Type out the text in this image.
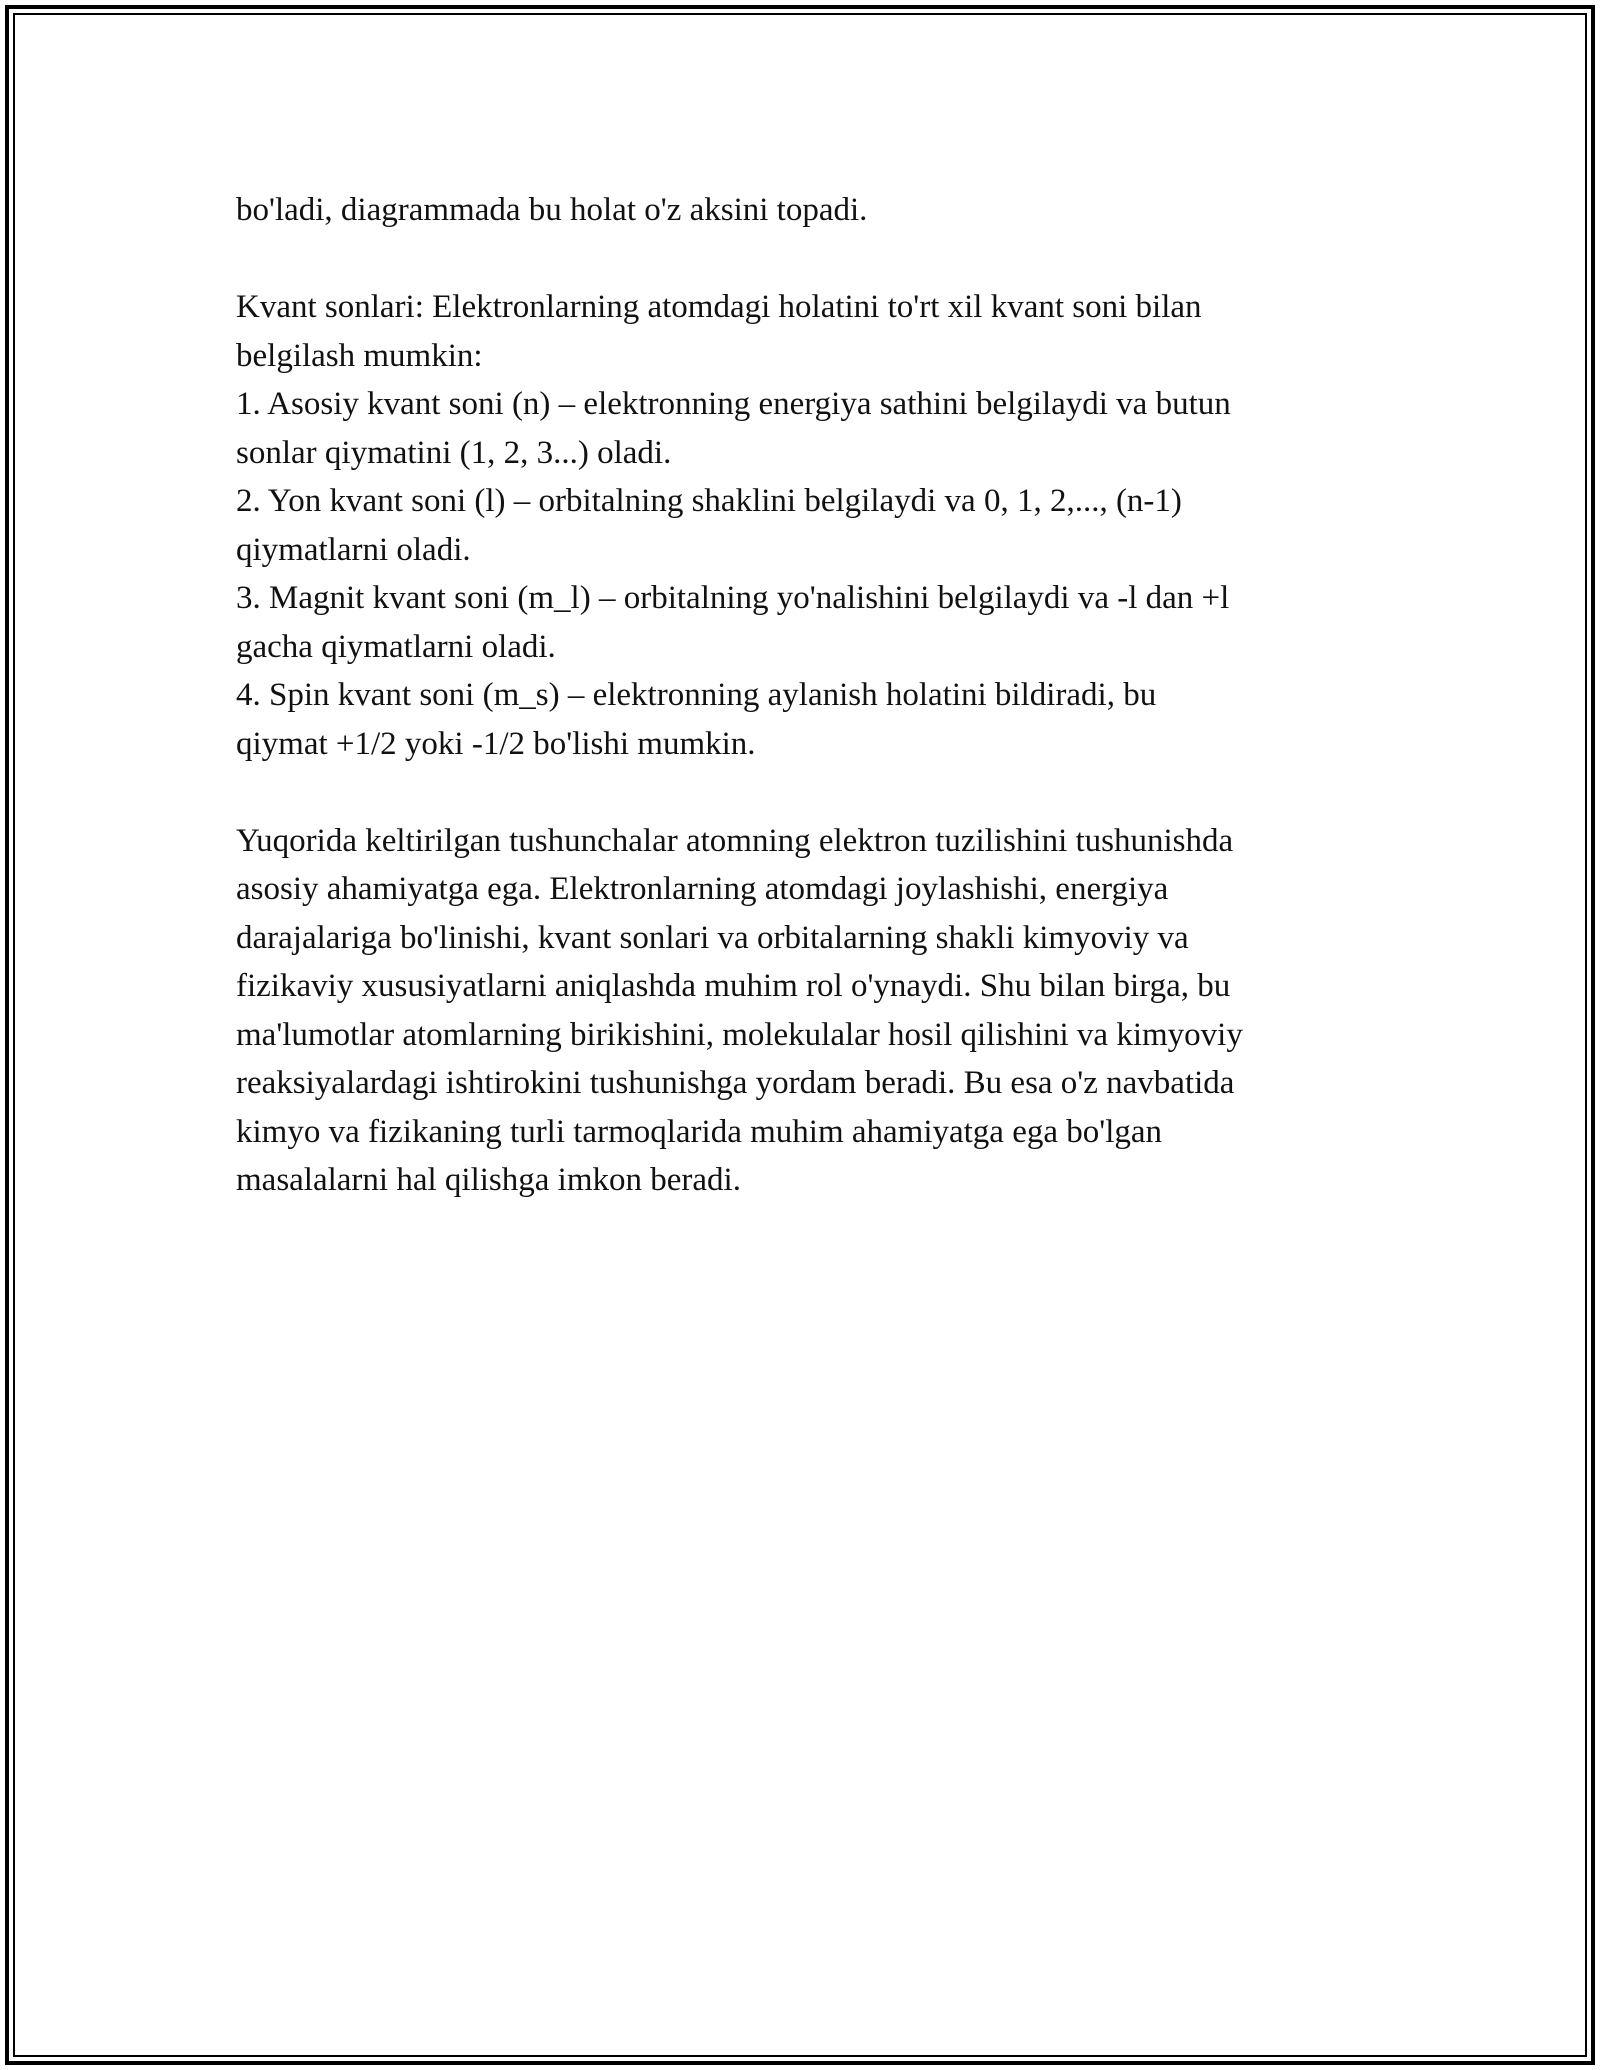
bo'ladi, diagrammada bu holat o'z aksini topadi.

Kvant sonlari: Elektronlarning atomdagi holatini to'rt xil kvant soni bilan
belgilash mumkin:
1. Asosiy kvant soni (n) – elektronning energiya sathini belgilaydi va butun
sonlar qiymatini (1, 2, 3...) oladi.
2. Yon kvant soni (l) – orbitalning shaklini belgilaydi va 0, 1, 2,..., (n-1)
qiymatlarni oladi.
3. Magnit kvant soni (m_l) – orbitalning yo'nalishini belgilaydi va -l dan +l
gacha qiymatlarni oladi.
4. Spin kvant soni (m_s) – elektronning aylanish holatini bildiradi, bu
qiymat +1/2 yoki -1/2 bo'lishi mumkin.

Yuqorida keltirilgan tushunchalar atomning elektron tuzilishini tushunishda
asosiy ahamiyatga ega. Elektronlarning atomdagi joylashishi, energiya
darajalariga bo'linishi, kvant sonlari va orbitalarning shakli kimyoviy va
fizikaviy xususiyatlarni aniqlashda muhim rol o'ynaydi. Shu bilan birga, bu
ma'lumotlar atomlarning birikishini, molekulalar hosil qilishini va kimyoviy
reaksiyalardagi ishtirokini tushunishga yordam beradi. Bu esa o'z navbatida
kimyo va fizikaning turli tarmoqlarida muhim ahamiyatga ega bo'lgan
masalalarni hal qilishga imkon beradi.
